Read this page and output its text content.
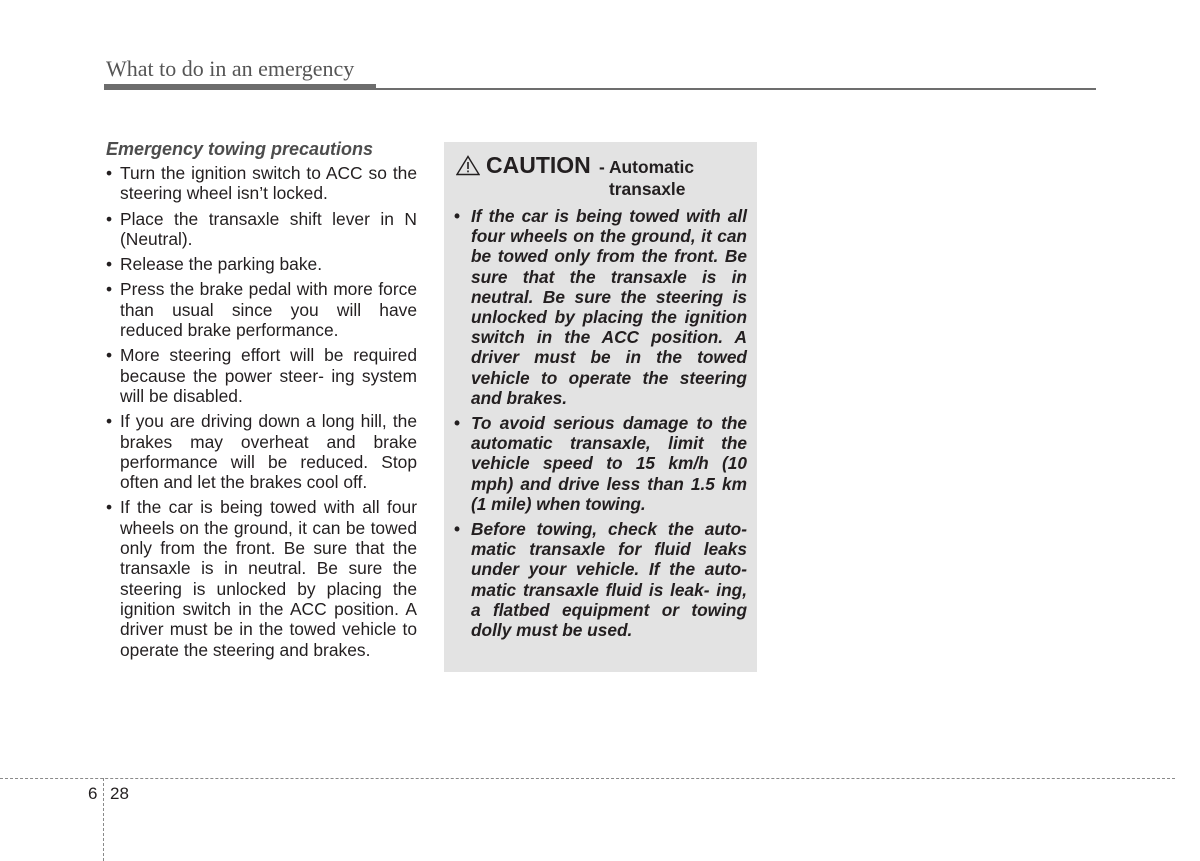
What to do in an emergency
Emergency towing precautions
• Turn the ignition switch to ACC so the steering wheel isn’t locked.
• Place the transaxle shift lever in N (Neutral).
• Release the parking bake.
• Press the brake pedal with more force than usual since you will have reduced brake performance.
• More steering effort will be required because the power steer- ing system will be disabled.
• If you are driving down a long hill, the brakes may overheat and brake performance will be reduced. Stop often and let the brakes cool off.
• If the car is being towed with all four wheels on the ground, it can be towed only from the front. Be sure that the transaxle is in neutral. Be sure the steering is unlocked by placing the ignition switch in the ACC position. A driver must be in the towed vehicle to operate the steering and brakes.
CAUTION - Automatic
transaxle
• If the car is being towed with all four wheels on the ground, it can be towed only from the front. Be sure that the transaxle is in neutral. Be sure the steering is unlocked by placing the ignition switch in the ACC position. A driver must be in the towed vehicle to operate the steering and brakes.
• To avoid serious damage to the automatic transaxle, limit the vehicle speed to 15 km/h (10 mph) and drive less than 1.5 km (1 mile) when towing.
• Before towing, check the auto- matic transaxle for fluid leaks under your vehicle. If the auto- matic transaxle fluid is leak- ing, a flatbed equipment or towing dolly must be used.
6 28
